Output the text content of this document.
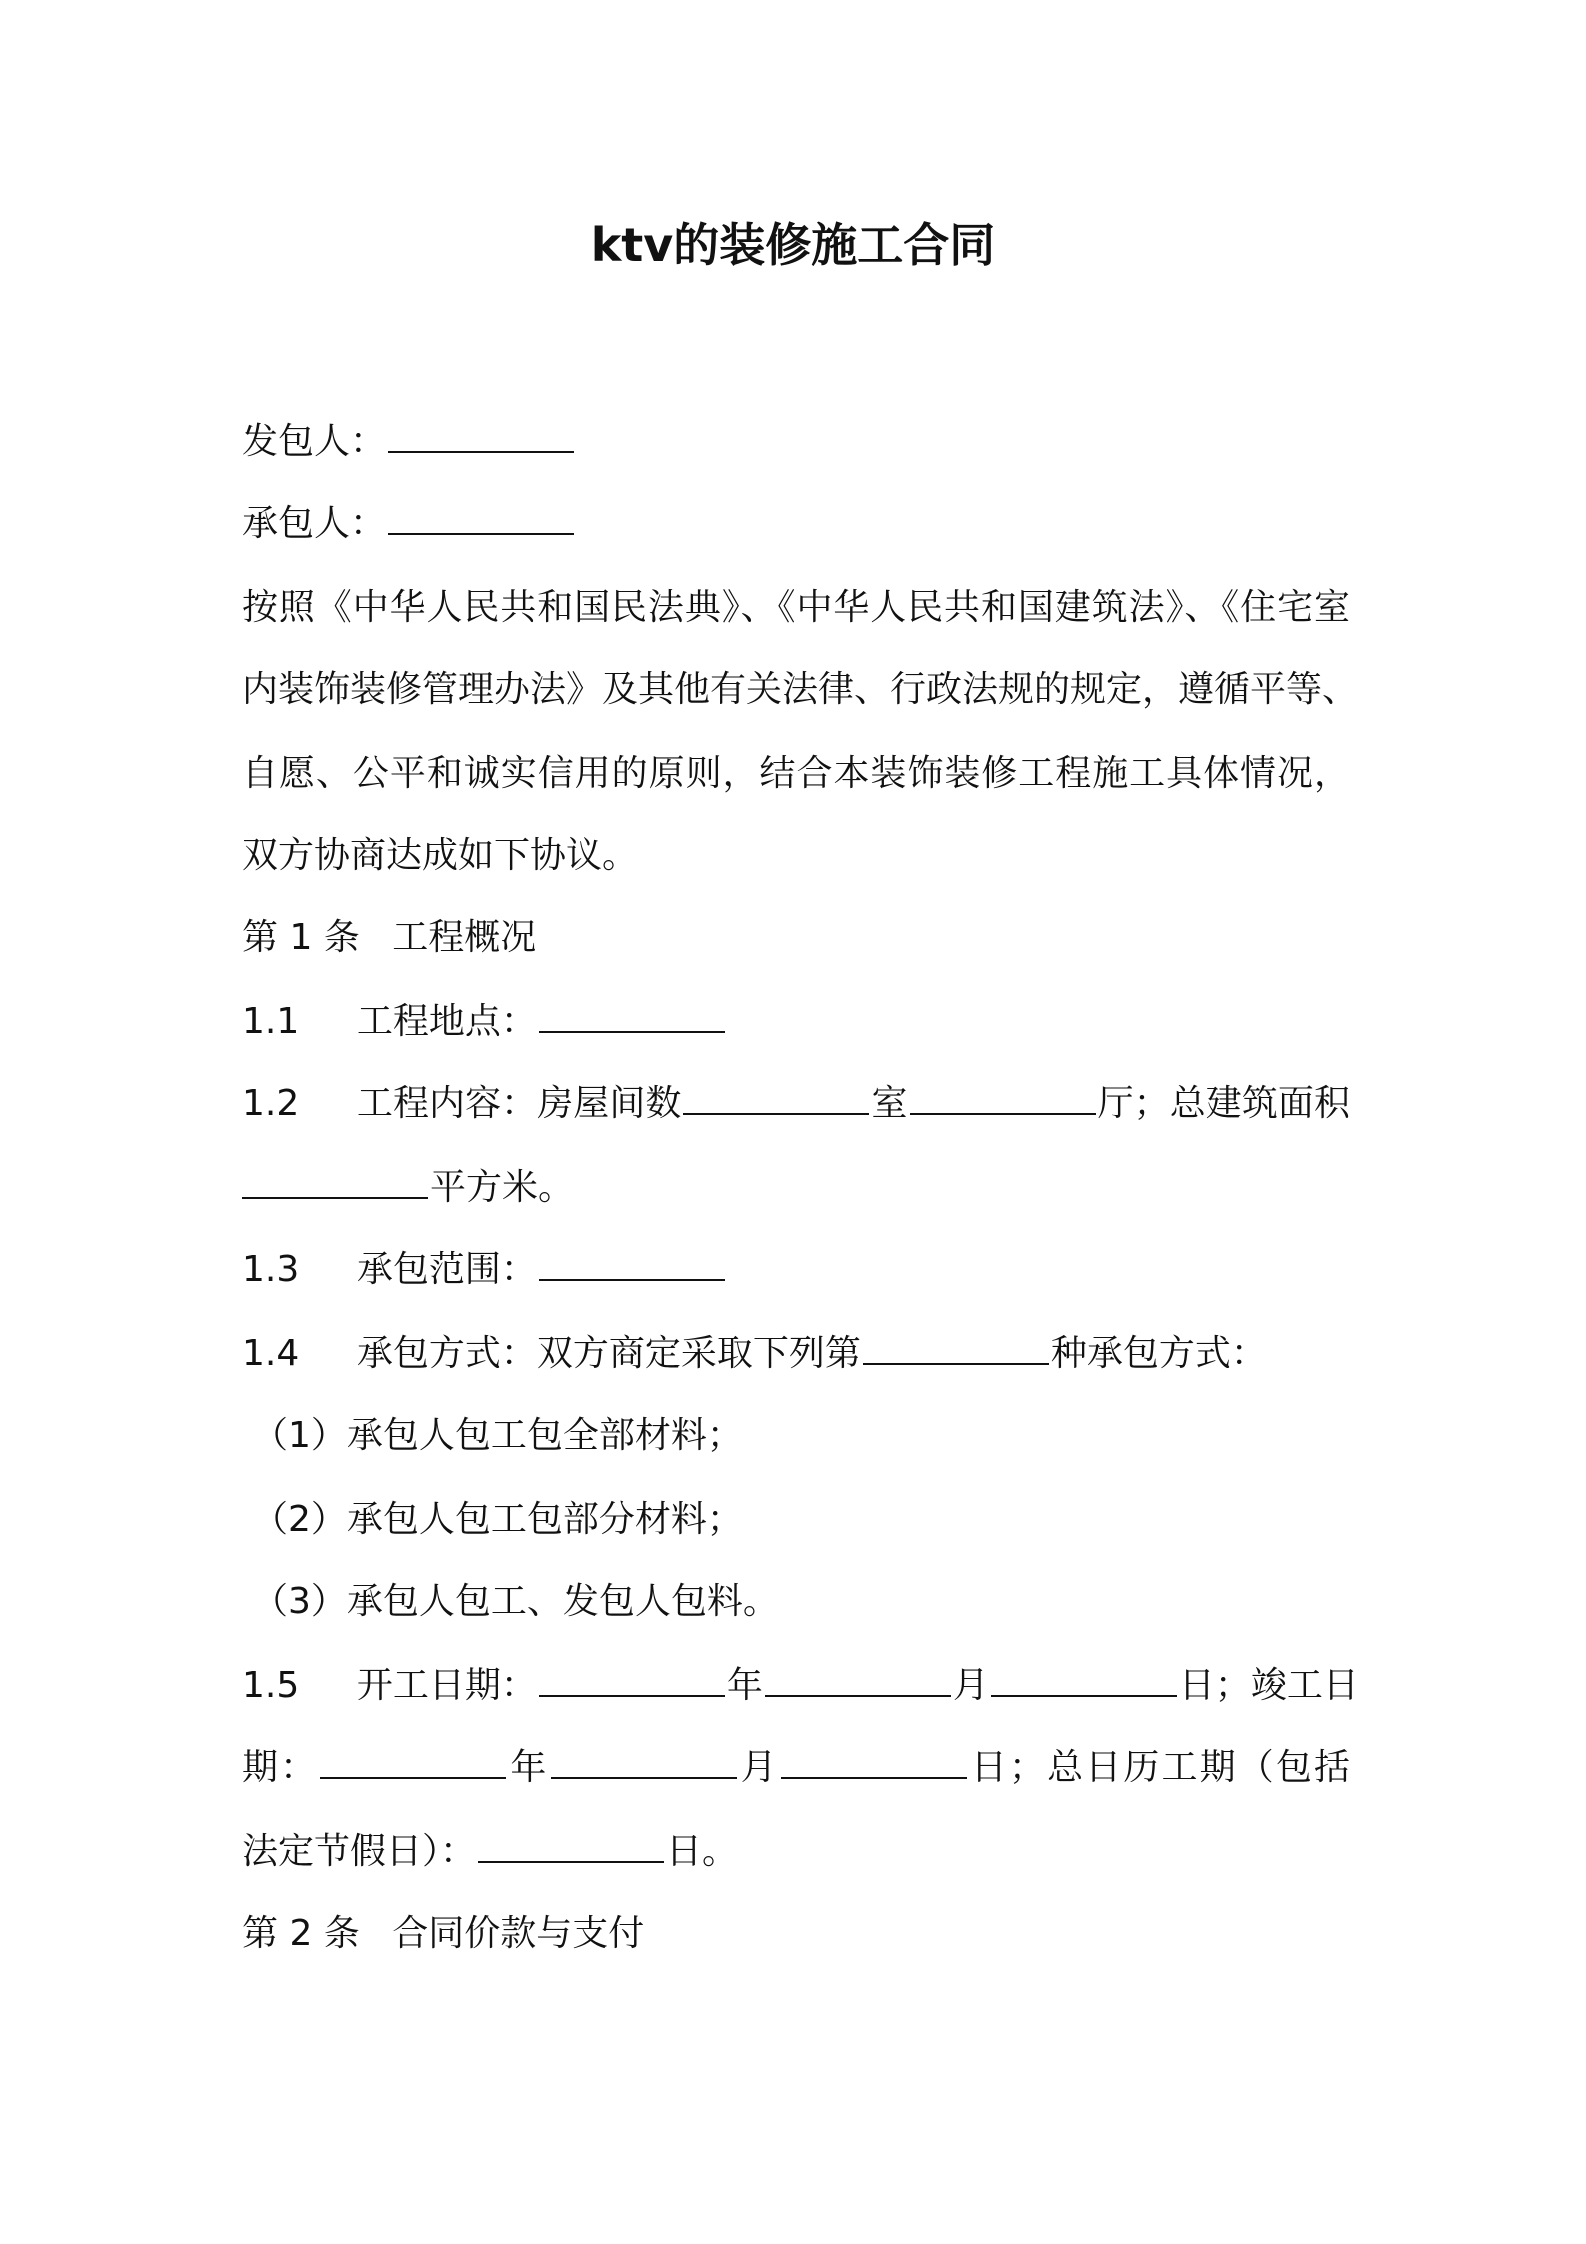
ktv的装修施工合同
发包人：
承包人：
按照《中华人民共和国民法典》、《中华人民共和国建筑法》、《住宅室
内装饰装修管理办法》及其他有关法律、行政法规的规定，遵循平等、
自愿、公平和诚实信用的原则，结合本装饰装修工程施工具体情况，
双方协商达成如下协议。
第 1 条 工程概况
1.1 工程地点：
1.2 工程内容：房屋间数	室	厅；总建筑面积
平方米。
1.3 承包范围：
1.4 承包方式：双方商定采取下列第	种承包方式：
（1）承包人包工包全部材料；
（2）承包人包工包部分材料；
（3）承包人包工、发包人包料。
1.5 开工日期：	年	月	日；竣工日
期：	年	月	日；总日历工期（包括
法定节假日）：	日。
第 2 条 合同价款与支付
